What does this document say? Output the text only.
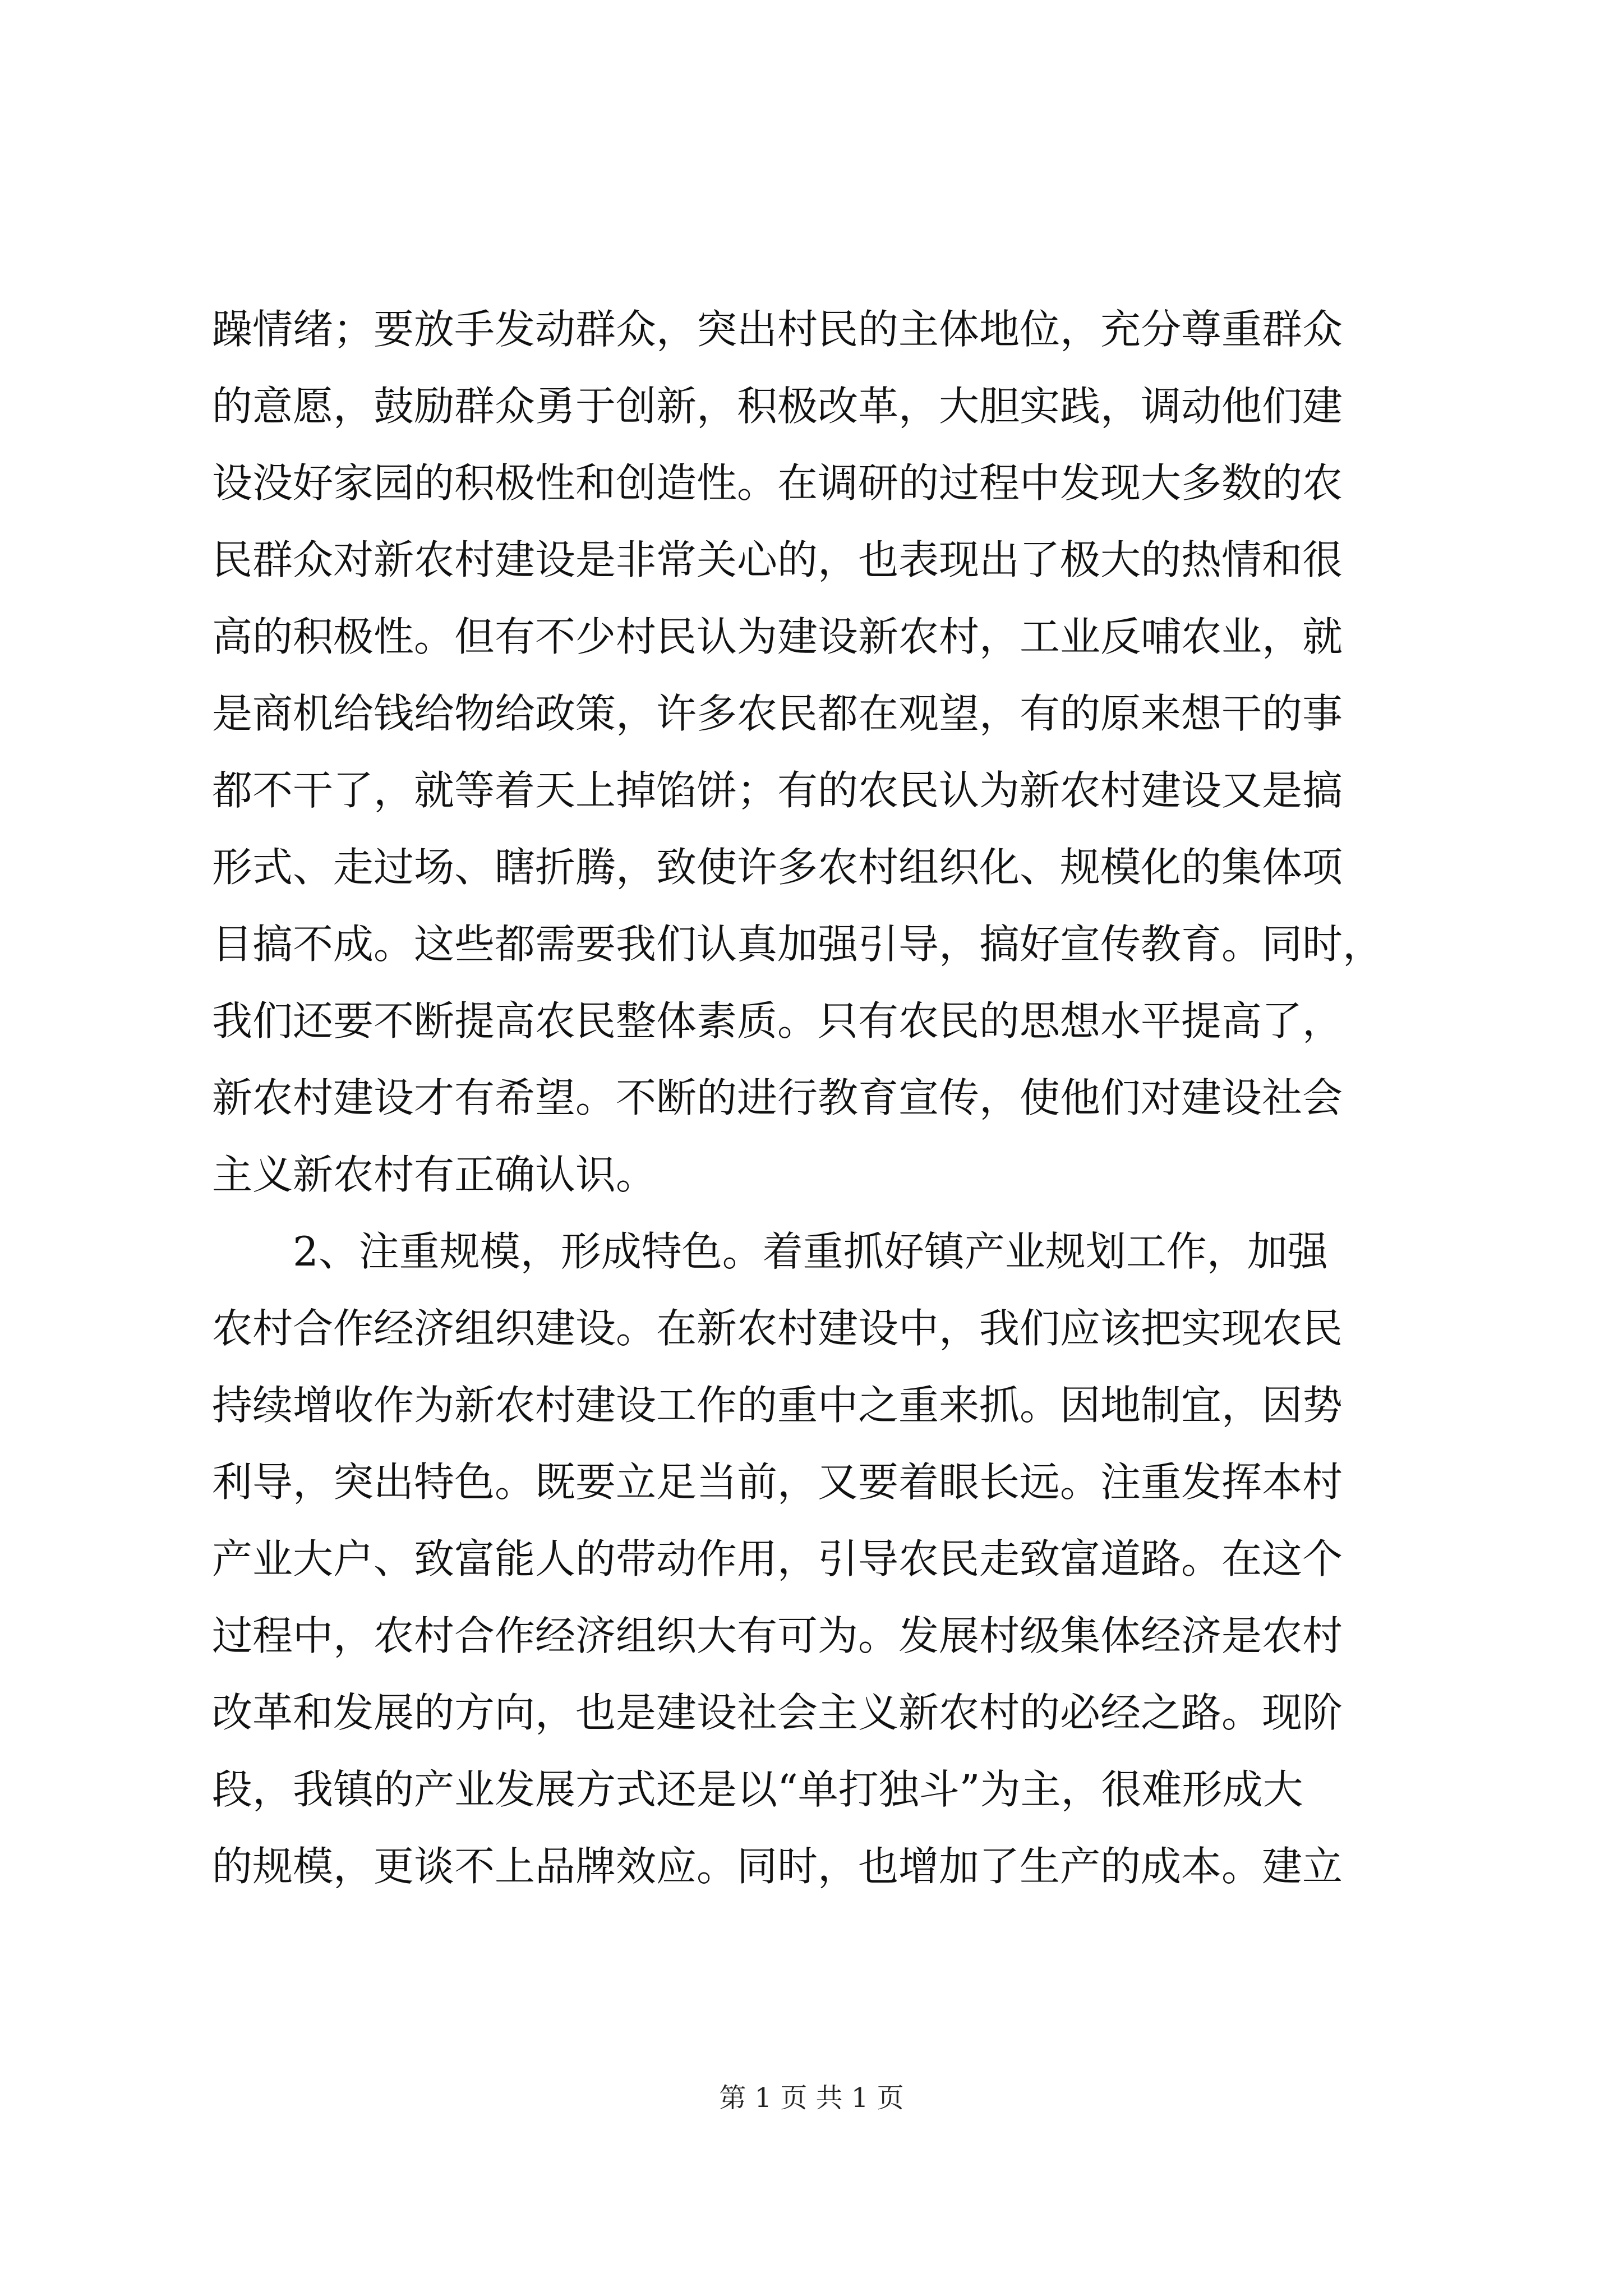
躁情绪；要放手发动群众，突出村民的主体地位，充分尊重群众
的意愿，鼓励群众勇于创新，积极改革，大胆实践，调动他们建
设没好家园的积极性和创造性。在调研的过程中发现大多数的农
民群众对新农村建设是非常关心的，也表现出了极大的热情和很
高的积极性。但有不少村民认为建设新农村，工业反哺农业，就
是商机给钱给物给政策，许多农民都在观望，有的原来想干的事
都不干了，就等着天上掉馅饼；有的农民认为新农村建设又是搞
形式、走过场、瞎折腾，致使许多农村组织化、规模化的集体项
目搞不成。这些都需要我们认真加强引导，搞好宣传教育。同时，
我们还要不断提高农民整体素质。只有农民的思想水平提高了，
新农村建设才有希望。不断的进行教育宣传，使他们对建设社会
主义新农村有正确认识。
2、注重规模，形成特色。着重抓好镇产业规划工作，加强
农村合作经济组织建设。在新农村建设中，我们应该把实现农民
持续增收作为新农村建设工作的重中之重来抓。因地制宜，因势
利导，突出特色。既要立足当前，又要着眼长远。注重发挥本村
产业大户、致富能人的带动作用，引导农民走致富道路。在这个
过程中，农村合作经济组织大有可为。发展村级集体经济是农村
改革和发展的方向，也是建设社会主义新农村的必经之路。现阶
段，我镇的产业发展方式还是以“单打独斗”为主，很难形成大
的规模，更谈不上品牌效应。同时，也增加了生产的成本。建立
第 1 页 共 1 页
